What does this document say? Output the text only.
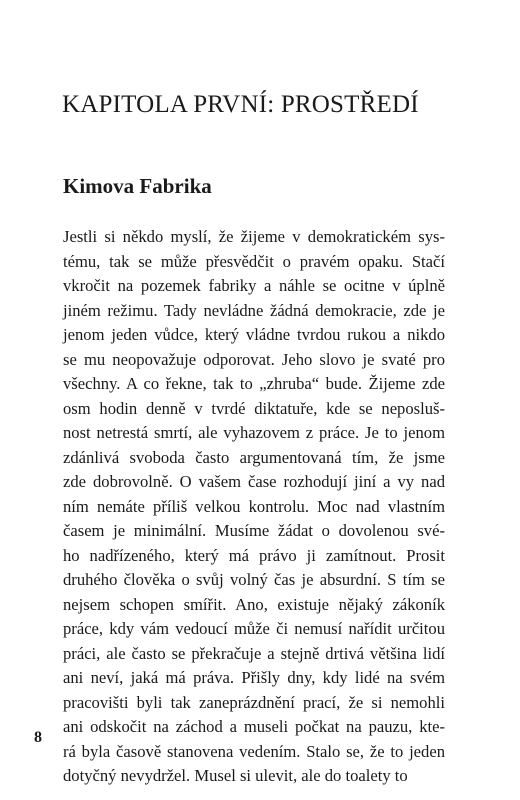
KAPITOLA PRVNÍ: PROSTŘEDÍ
Kimova Fabrika
Jestli si někdo myslí, že žijeme v demokratickém sys-
tému, tak se může přesvědčit o pravém opaku. Stačí
vkročit na pozemek fabriky a náhle se ocitne v úplně
jiném režimu. Tady nevládne žádná demokracie, zde je
jenom jeden vůdce, který vládne tvrdou rukou a nikdo
se mu neopovažuje odporovat. Jeho slovo je svaté pro
všechny. A co řekne, tak to „zhruba“ bude. Žijeme zde
osm hodin denně v tvrdé diktatuře, kde se neposluš-
nost netrestá smrtí, ale vyhazovem z práce. Je to jenom
zdánlivá svoboda často argumentovaná tím, že jsme
zde dobrovolně. O vašem čase rozhodují jiní a vy nad
ním nemáte příliš velkou kontrolu. Moc nad vlastním
časem je minimální. Musíme žádat o dovolenou své-
ho nadřízeného, který má právo ji zamítnout. Prosit
druhého člověka o svůj volný čas je absurdní. S tím se
nejsem schopen smířit. Ano, existuje nějaký zákoník
práce, kdy vám vedoucí může či nemusí nařídit určitou
práci, ale často se překračuje a stejně drtivá většina lidí
ani neví, jaká má práva. Přišly dny, kdy lidé na svém
pracovišti byli tak zaneprázdnění prací, že si nemohli
ani odskočit na záchod a museli počkat na pauzu, kte-
rá byla časově stanovena vedením. Stalo se, že to jeden
dotyčný nevydržel. Musel si ulevit, ale do toalety to
8
